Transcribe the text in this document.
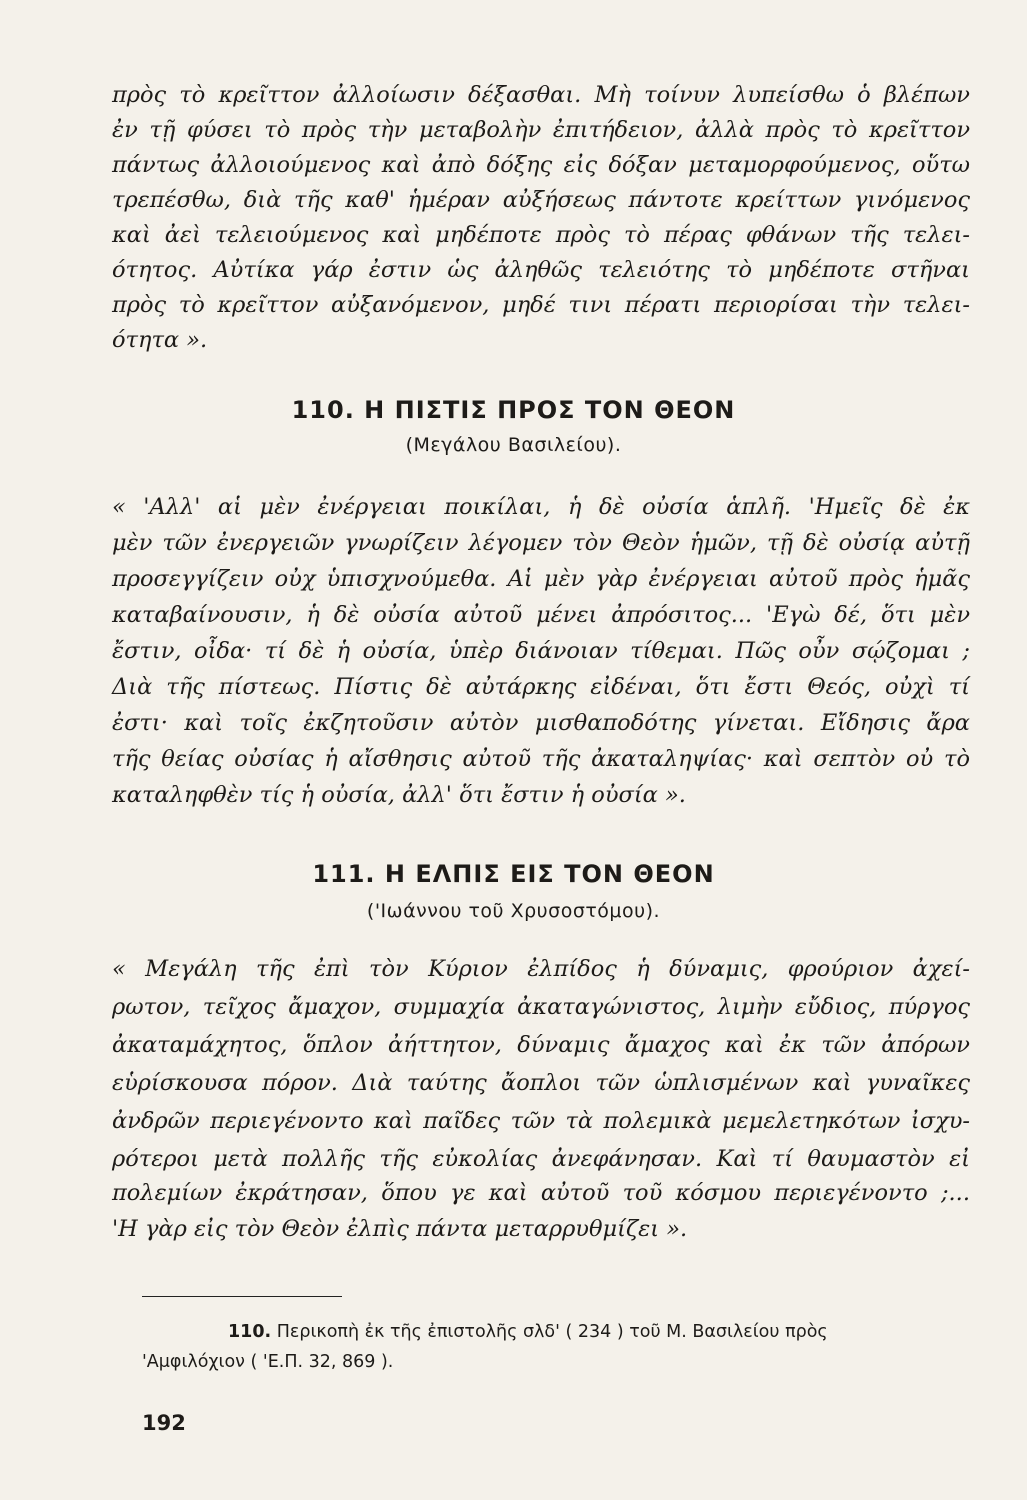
πρὸς τὸ κρεῖττον ἀλλοίωσιν δέξασθαι. Μὴ τοίνυν λυπείσθω ὁ βλέπων
ἐν τῇ φύσει τὸ πρὸς τὴν μεταβολὴν ἐπιτήδειον, ἀλλὰ πρὸς τὸ κρεῖττον
πάντως ἀλλοιούμενος καὶ ἀπὸ δόξης εἰς δόξαν μεταμορφούμενος, οὕτω
τρεπέσθω, διὰ τῆς καθ' ἡμέραν αὐξήσεως πάντοτε κρείττων γινόμενος
καὶ ἀεὶ τελειούμενος καὶ μηδέποτε πρὸς τὸ πέρας φθάνων τῆς τελει-
ότητος. Αὐτίκα γάρ ἐστιν ὡς ἀληθῶς τελειότης τὸ μηδέποτε στῆναι
πρὸς τὸ κρεῖττον αὐξανόμενον, μηδέ τινι πέρατι περιορίσαι τὴν τελει-
ότητα ».
110. Η ΠΙΣΤΙΣ ΠΡΟΣ ΤΟΝ ΘΕΟΝ
(Μεγάλου Βασιλείου).
« 'Αλλ' αἱ μὲν ἐνέργειαι ποικίλαι, ἡ δὲ οὐσία ἁπλῆ. 'Ημεῖς δὲ ἐκ
μὲν τῶν ἐνεργειῶν γνωρίζειν λέγομεν τὸν Θεὸν ἡμῶν, τῇ δὲ οὐσίᾳ αὐτῇ
προσεγγίζειν οὐχ ὑπισχνούμεθα. Αἱ μὲν γὰρ ἐνέργειαι αὐτοῦ πρὸς ἡμᾶς
καταβαίνουσιν, ἡ δὲ οὐσία αὐτοῦ μένει ἀπρόσιτος... 'Εγὼ δέ, ὅτι μὲν
ἔστιν, οἶδα· τί δὲ ἡ οὐσία, ὑπὲρ διάνοιαν τίθεμαι. Πῶς οὖν σῴζομαι ;
Διὰ τῆς πίστεως. Πίστις δὲ αὐτάρκης εἰδέναι, ὅτι ἔστι Θεός, οὐχὶ τί
ἐστι· καὶ τοῖς ἐκζητοῦσιν αὐτὸν μισθαποδότης γίνεται. Εἴδησις ἄρα
τῆς θείας οὐσίας ἡ αἴσθησις αὐτοῦ τῆς ἀκαταληψίας· καὶ σεπτὸν οὐ τὸ
καταληφθὲν τίς ἡ οὐσία, ἀλλ' ὅτι ἔστιν ἡ οὐσία ».
111. Η ΕΛΠΙΣ ΕΙΣ ΤΟΝ ΘΕΟΝ
('Ιωάννου τοῦ Χρυσοστόμου).
« Μεγάλη τῆς ἐπὶ τὸν Κύριον ἐλπίδος ἡ δύναμις, φρούριον ἀχεί-
ρωτον, τεῖχος ἄμαχον, συμμαχία ἀκαταγώνιστος, λιμὴν εὔδιος, πύργος
ἀκαταμάχητος, ὅπλον ἀήττητον, δύναμις ἄμαχος καὶ ἐκ τῶν ἀπόρων
εὑρίσκουσα πόρον. Διὰ ταύτης ἄοπλοι τῶν ὡπλισμένων καὶ γυναῖκες
ἀνδρῶν περιεγένοντο καὶ παῖδες τῶν τὰ πολεμικὰ μεμελετηκότων ἰσχυ-
ρότεροι μετὰ πολλῆς τῆς εὐκολίας ἀνεφάνησαν. Καὶ τί θαυμαστὸν εἰ
πολεμίων ἐκράτησαν, ὅπου γε καὶ αὐτοῦ τοῦ κόσμου περιεγένοντο ;...
'Η γὰρ εἰς τὸν Θεὸν ἐλπὶς πάντα μεταρρυθμίζει ».
110. Περικοπὴ ἐκ τῆς ἐπιστολῆς σλδ' ( 234 ) τοῦ Μ. Βασιλείου πρὸς
'Αμφιλόχιον ( 'Ε.Π. 32, 869 ).
192
